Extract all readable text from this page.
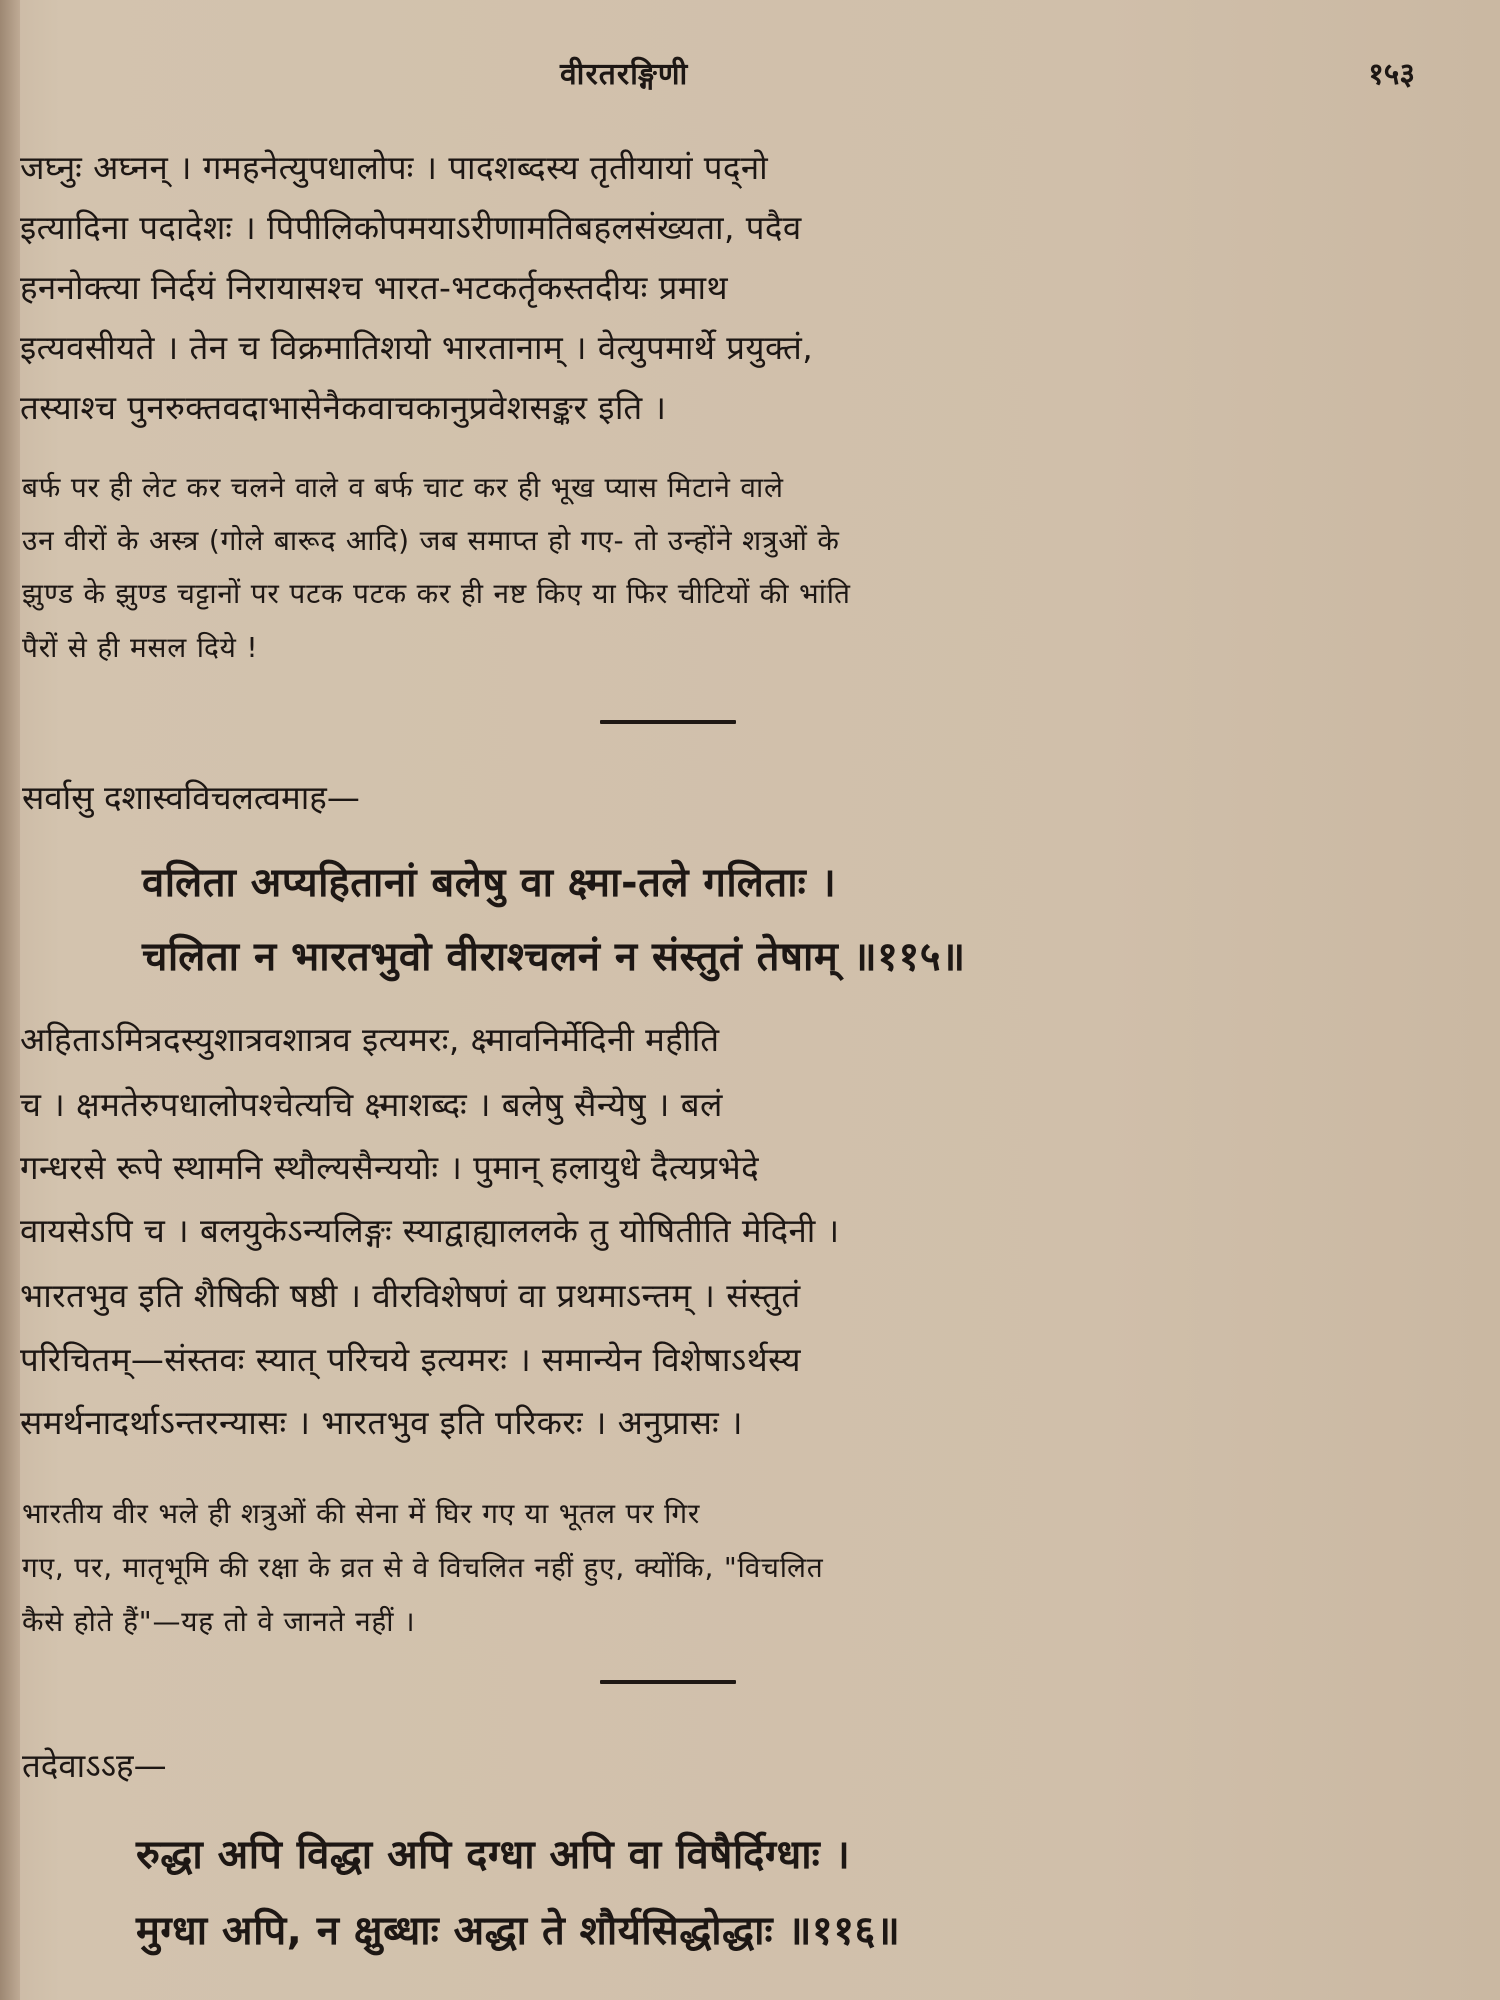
वीरतरङ्गिणी	१५३
जघ्नुः अघ्नन् । गमहनेत्युपधालोपः । पादशब्दस्य तृतीयायां पद्नो
इत्यादिना पदादेशः । पिपीलिकोपमयाऽरीणामतिबहलसंख्यता, पदैव
हननोक्त्या निर्दयं निरायासश्च भारत-भटकर्तृकस्तदीयः प्रमाथ
इत्यवसीयते । तेन च विक्रमातिशयो भारतानाम् । वेत्युपमार्थे प्रयुक्तं,
तस्याश्च पुनरुक्तवदाभासेनैकवाचकानुप्रवेशसङ्कर इति ।
बर्फ पर ही लेट कर चलने वाले व बर्फ चाट कर ही भूख प्यास मिटाने वाले
उन वीरों के अस्त्र (गोले बारूद आदि) जब समाप्त हो गए- तो उन्होंने शत्रुओं के
झुण्ड के झुण्ड चट्टानों पर पटक पटक कर ही नष्ट किए या फिर चीटियों की भांति
पैरों से ही मसल दिये !
सर्वासु दशास्वविचलत्वमाह—
वलिता अप्यहितानां बलेषु वा क्ष्मा-तले गलिताः ।
चलिता न भारतभुवो वीराश्चलनं न संस्तुतं तेषाम् ॥११५॥
अहिताऽमित्रदस्युशात्रवशात्रव इत्यमरः, क्ष्मावनिर्मेदिनी महीति
च । क्षमतेरुपधालोपश्चेत्यचि क्ष्माशब्दः । बलेषु सैन्येषु । बलं
गन्धरसे रूपे स्थामनि स्थौल्यसैन्ययोः । पुमान् हलायुधे दैत्यप्रभेदे
वायसेऽपि च । बलयुकेऽन्यलिङ्गः स्याद्वाह्याललके तु योषितीति मेदिनी ।
भारतभुव इति शैषिकी षष्ठी । वीरविशेषणं वा प्रथमाऽन्तम् । संस्तुतं
परिचितम्—संस्तवः स्यात् परिचये इत्यमरः । समान्येन विशेषाऽर्थस्य
समर्थनादर्थाऽन्तरन्यासः । भारतभुव इति परिकरः । अनुप्रासः ।
भारतीय वीर भले ही शत्रुओं की सेना में घिर गए या भूतल पर गिर
गए, पर, मातृभूमि की रक्षा के व्रत से वे विचलित नहीं हुए, क्योंकि, "विचलित
कैसे होते हैं"—यह तो वे जानते नहीं ।
तदेवाऽऽह—
रुद्धा अपि विद्धा अपि दग्धा अपि वा विषैर्दिग्धाः ।
मुग्धा अपि, न क्षुब्धाः अद्धा ते शौर्यसिद्धोद्धाः ॥११६॥
